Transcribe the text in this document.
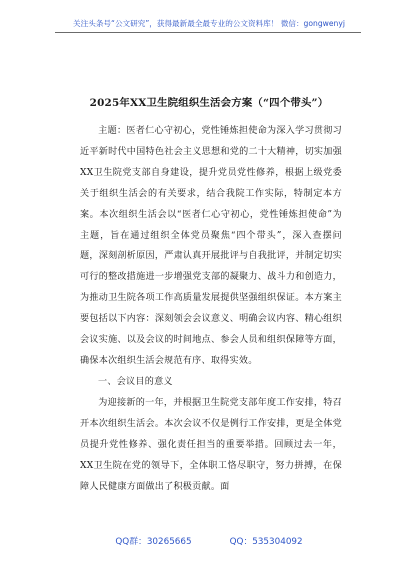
关注头条号“公文研究”，获得最新最全最专业的公文资料库！ 微信：gongwenyj
2025年XX卫生院组织生活会方案（“四个带头”）

主题：医者仁心守初心，党性锤炼担使命为深入学习贯彻习近平新时代中国特色社会主义思想和党的二十大精神，切实加强XX卫生院党支部自身建设，提升党员党性修养，根据上级党委关于组织生活会的有关要求，结合我院工作实际，特制定本方案。本次组织生活会以“医者仁心守初心，党性锤炼担使命”为主题，旨在通过组织全体党员聚焦“四个带头”，深入查摆问题，深刻剖析原因，严肃认真开展批评与自我批评，并制定切实可行的整改措施进一步增强党支部的凝聚力、战斗力和创造力，为推动卫生院各项工作高质量发展提供坚强组织保证。本方案主要包括以下内容：深刻领会会议意义、明确会议内容、精心组织会议实施、以及会议的时间地点、参会人员和组织保障等方面，确保本次组织生活会规范有序、取得实效。

一、会议目的意义

为迎接新的一年，并根据卫生院党支部年度工作安排，特召开本次组织生活会。本次会议不仅是例行工作安排，更是全体党员提升党性修养、强化责任担当的重要举措。回顾过去一年，XX卫生院在党的领导下，全体职工恪尽职守，努力拼搏，在保障人民健康方面做出了积极贡献。面

QQ群：30265665	QQ：535304092
